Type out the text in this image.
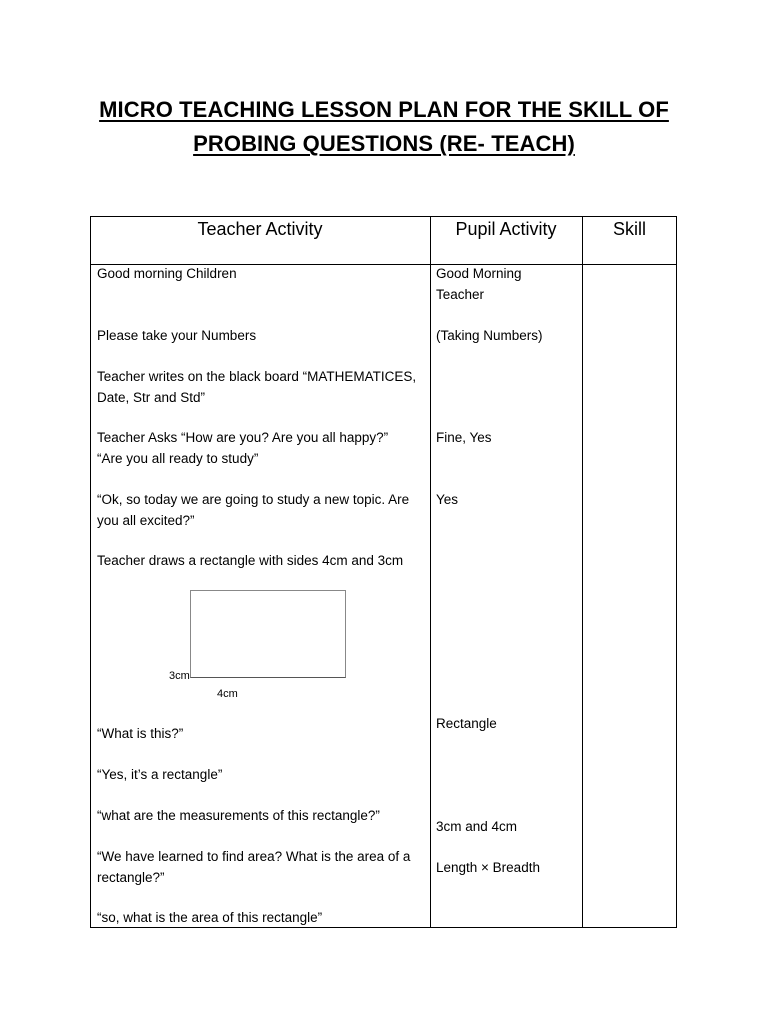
MICRO TEACHING LESSON PLAN FOR THE SKILL OF
PROBING QUESTIONS (RE- TEACH)
Teacher Activity	Pupil Activity	Skill
Good morning Children
Please take your Numbers
Teacher writes on the black board “MATHEMATICES,
Date, Str and Std”
Teacher Asks “How are you? Are you all happy?”
“Are you all ready to study”
“Ok, so today we are going to study a new topic. Are
you all excited?”
Teacher draws a rectangle with sides 4cm and 3cm
3cm
4cm
“What is this?”
“Yes, it’s a rectangle”
“what are the measurements of this rectangle?”
“We have learned to find area? What is the area of a
rectangle?”
“so, what is the area of this rectangle”
Good Morning
Teacher
(Taking Numbers)
Fine, Yes
Yes
Rectangle
3cm and 4cm
Length × Breadth
